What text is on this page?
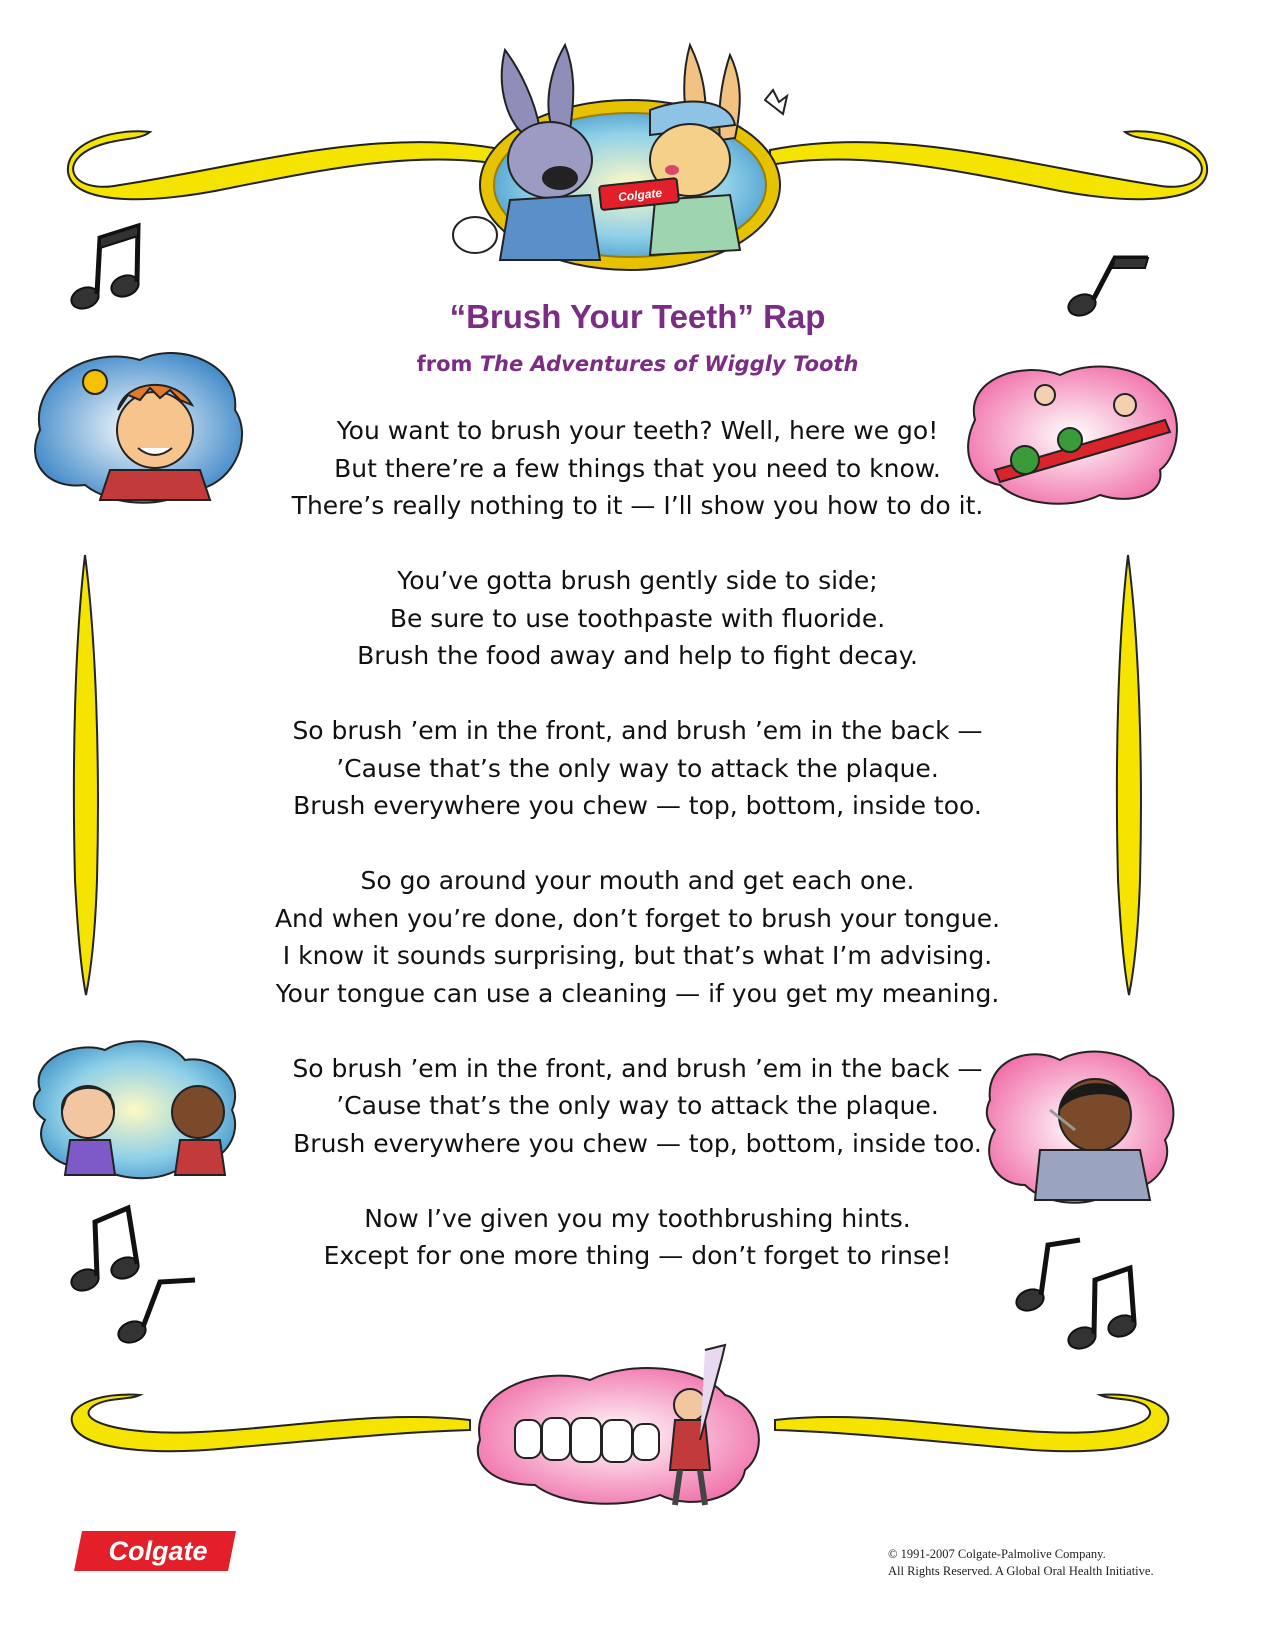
Colgate
“Brush Your Teeth” Rap
from The Adventures of Wiggly Tooth
You want to brush your teeth? Well, here we go!
But there’re a few things that you need to know.
There’s really nothing to it — I’ll show you how to do it.
You’ve gotta brush gently side to side;
Be sure to use toothpaste with fluoride.
Brush the food away and help to fight decay.
So brush ’em in the front, and brush ’em in the back —
’Cause that’s the only way to attack the plaque.
Brush everywhere you chew — top, bottom, inside too.
So go around your mouth and get each one.
And when you’re done, don’t forget to brush your tongue.
I know it sounds surprising, but that’s what I’m advising.
Your tongue can use a cleaning — if you get my meaning.
So brush ’em in the front, and brush ’em in the back —
’Cause that’s the only way to attack the plaque.
Brush everywhere you chew — top, bottom, inside too.
Now I’ve given you my toothbrushing hints.
Except for one more thing — don’t forget to rinse!
Colgate	© 1991-2007 Colgate-Palmolive Company.
All Rights Reserved. A Global Oral Health Initiative.
